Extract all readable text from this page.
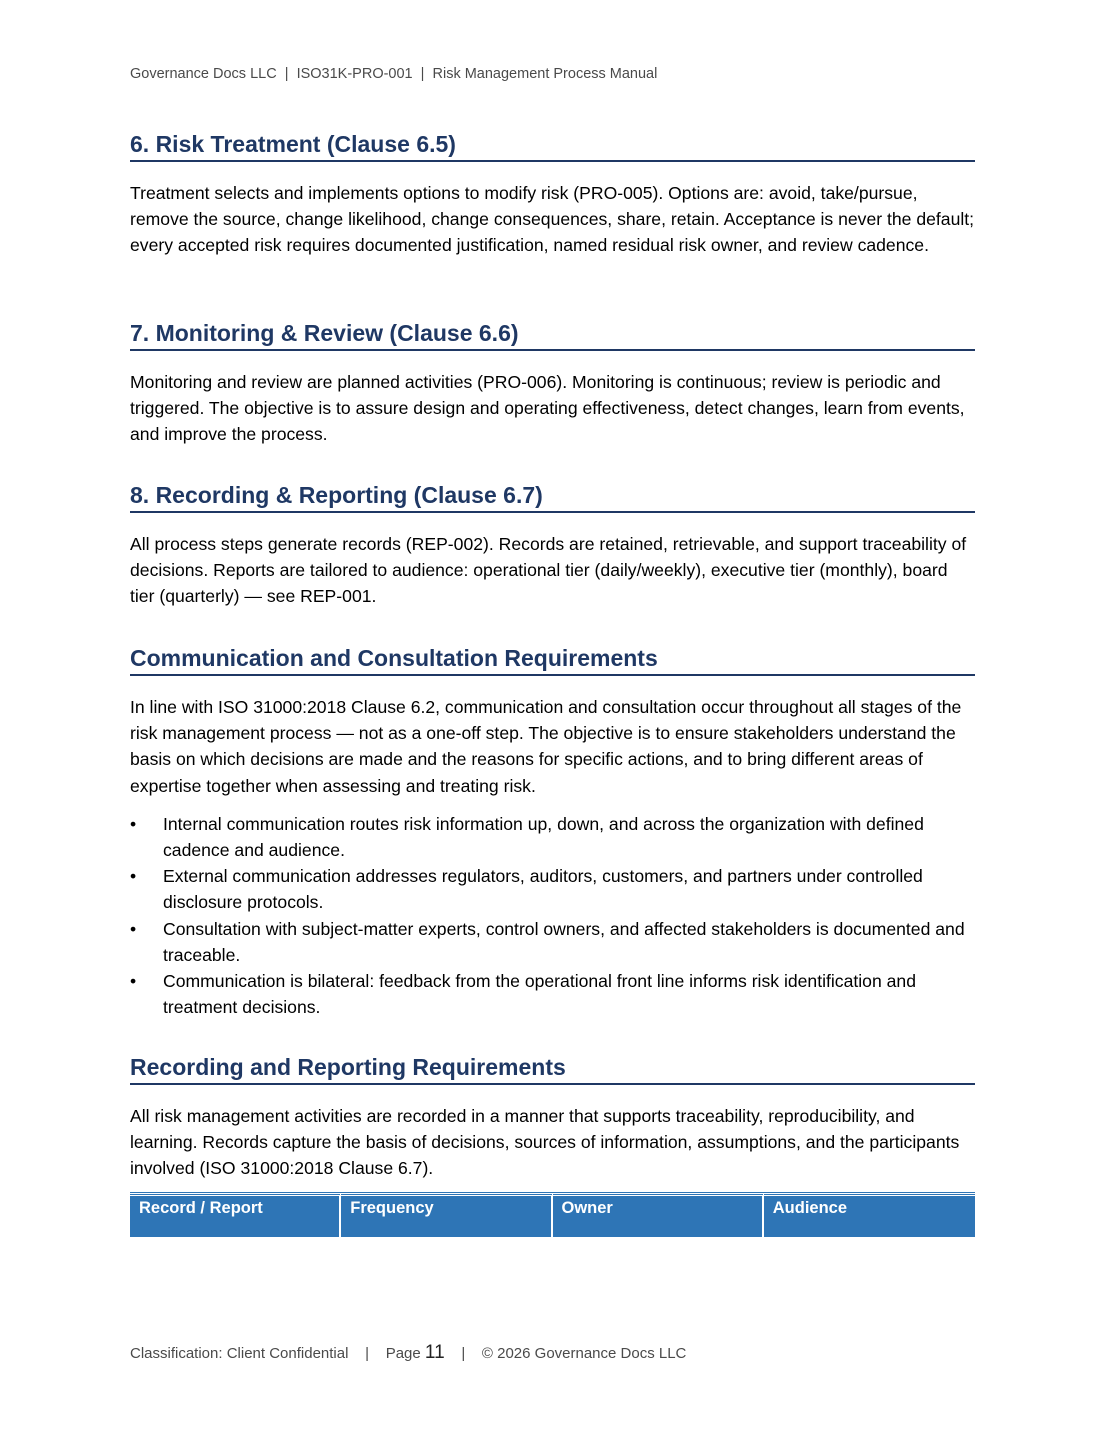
Governance Docs LLC  |  ISO31K-PRO-001  |  Risk Management Process Manual
6. Risk Treatment (Clause 6.5)

Treatment selects and implements options to modify risk (PRO-005). Options are: avoid, take/pursue, remove the source, change likelihood, change consequences, share, retain. Acceptance is never the default; every accepted risk requires documented justification, named residual risk owner, and review cadence.

7. Monitoring & Review (Clause 6.6)

Monitoring and review are planned activities (PRO-006). Monitoring is continuous; review is periodic and triggered. The objective is to assure design and operating effectiveness, detect changes, learn from events, and improve the process.

8. Recording & Reporting (Clause 6.7)

All process steps generate records (REP-002). Records are retained, retrievable, and support traceability of decisions. Reports are tailored to audience: operational tier (daily/weekly), executive tier (monthly), board tier (quarterly) — see REP-001.

Communication and Consultation Requirements

In line with ISO 31000:2018 Clause 6.2, communication and consultation occur throughout all stages of the risk management process — not as a one-off step. The objective is to ensure stakeholders understand the basis on which decisions are made and the reasons for specific actions, and to bring different areas of expertise together when assessing and treating risk.

• Internal communication routes risk information up, down, and across the organization with defined cadence and audience.
• External communication addresses regulators, auditors, customers, and partners under controlled disclosure protocols.
• Consultation with subject-matter experts, control owners, and affected stakeholders is documented and traceable.
• Communication is bilateral: feedback from the operational front line informs risk identification and treatment decisions.
Recording and Reporting Requirements

All risk management activities are recorded in a manner that supports traceability, reproducibility, and learning. Records capture the basis of decisions, sources of information, assumptions, and the participants involved (ISO 31000:2018 Clause 6.7).

Record / Report	Frequency	Owner	Audience
Classification: Client Confidential | Page 11 | © 2026 Governance Docs LLC
